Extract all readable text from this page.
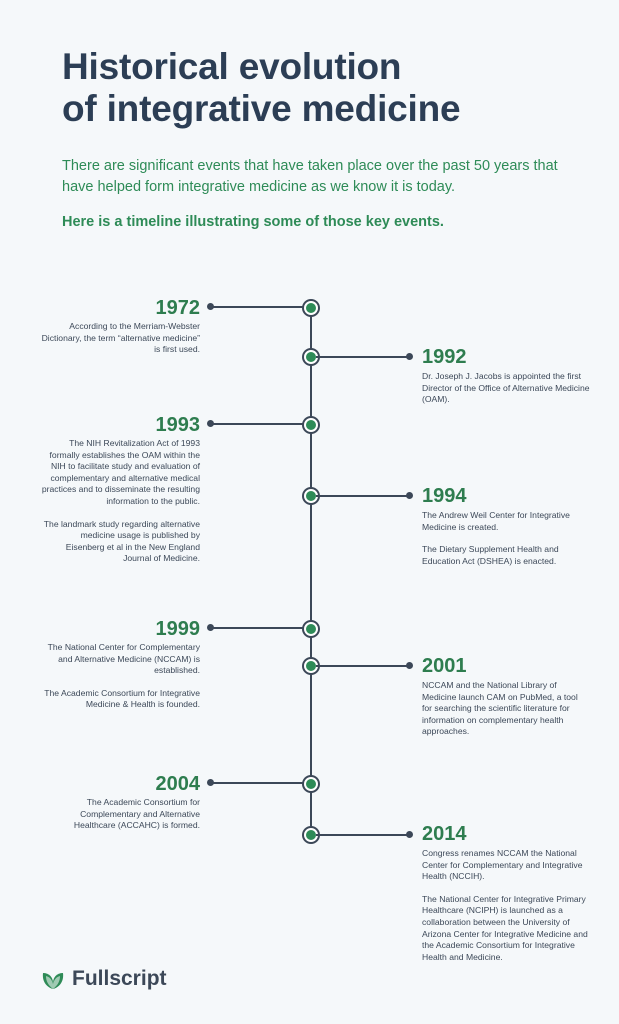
Historical evolution
of integrative medicine

There are significant events that have taken place over the past 50 years that have helped form integrative medicine as we know it is today.

Here is a timeline illustrating some of those key events.

1972

According to the Merriam-Webster Dictionary, the term “alternative medicine” is first used.	1992

Dr. Joseph J. Jacobs is appointed the first Director of the Office of Alternative Medicine (OAM).

1993

The NIH Revitalization Act of 1993 formally establishes the OAM within the NIH to facilitate study and evaluation of complementary and alternative medical practices and to disseminate the resulting information to the public.

The landmark study regarding alternative medicine usage is published by Eisenberg et al in the New England Journal of Medicine.

1994

The Andrew Weil Center for Integrative Medicine is created.

The Dietary Supplement Health and Education Act (DSHEA) is enacted.

1999

The National Center for Complementary and Alternative Medicine (NCCAM) is established.

The Academic Consortium for Integrative Medicine & Health is founded.

2001

NCCAM and the National Library of Medicine launch CAM on PubMed, a tool for searching the scientific literature for information on complementary health approaches.

2004

The Academic Consortium for Complementary and Alternative Healthcare (ACCAHC) is formed.	2014

Congress renames NCCAM the National Center for Complementary and Integrative Health (NCCIH).

The National Center for Integrative Primary Healthcare (NCIPH) is launched as a collaboration between the University of Arizona Center for Integrative Medicine and the Academic Consortium for Integrative Health and Medicine.

Fullscript
